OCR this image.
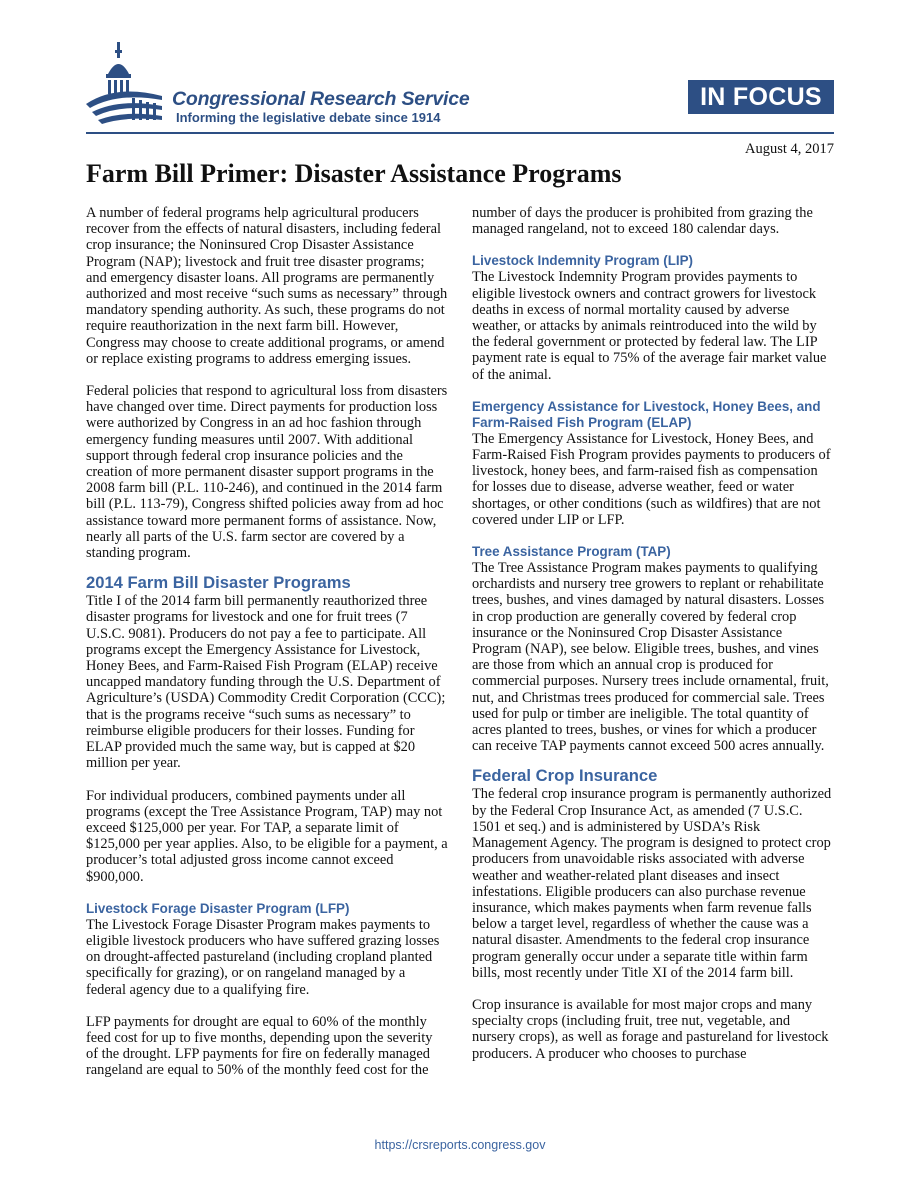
Congressional Research Service
Informing the legislative debate since 1914
IN FOCUS
August 4, 2017
Farm Bill Primer: Disaster Assistance Programs

A number of federal programs help agricultural producers recover from the effects of natural disasters, including federal crop insurance; the Noninsured Crop Disaster Assistance Program (NAP); livestock and fruit tree disaster programs; and emergency disaster loans. All programs are permanently authorized and most receive “such sums as necessary” through mandatory spending authority. As such, these programs do not require reauthorization in the next farm bill. However, Congress may choose to create additional programs, or amend or replace existing programs to address emerging issues.

Federal policies that respond to agricultural loss from disasters have changed over time. Direct payments for production loss were authorized by Congress in an ad hoc fashion through emergency funding measures until 2007. With additional support through federal crop insurance policies and the creation of more permanent disaster support programs in the 2008 farm bill (P.L. 110-246), and continued in the 2014 farm bill (P.L. 113-79), Congress shifted policies away from ad hoc assistance toward more permanent forms of assistance. Now, nearly all parts of the U.S. farm sector are covered by a standing program.

2014 Farm Bill Disaster Programs

Title I of the 2014 farm bill permanently reauthorized three disaster programs for livestock and one for fruit trees (7 U.S.C. 9081). Producers do not pay a fee to participate. All programs except the Emergency Assistance for Livestock, Honey Bees, and Farm-Raised Fish Program (ELAP) receive uncapped mandatory funding through the U.S. Department of Agriculture’s (USDA) Commodity Credit Corporation (CCC); that is the programs receive “such sums as necessary” to reimburse eligible producers for their losses. Funding for ELAP provided much the same way, but is capped at $20 million per year.

For individual producers, combined payments under all programs (except the Tree Assistance Program, TAP) may not exceed $125,000 per year. For TAP, a separate limit of $125,000 per year applies. Also, to be eligible for a payment, a producer’s total adjusted gross income cannot exceed $900,000.

Livestock Forage Disaster Program (LFP)

The Livestock Forage Disaster Program makes payments to eligible livestock producers who have suffered grazing losses on drought-affected pastureland (including cropland planted specifically for grazing), or on rangeland managed by a federal agency due to a qualifying fire.

LFP payments for drought are equal to 60% of the monthly feed cost for up to five months, depending upon the severity of the drought. LFP payments for fire on federally managed rangeland are equal to 50% of the monthly feed cost for the

number of days the producer is prohibited from grazing the managed rangeland, not to exceed 180 calendar days.

Livestock Indemnity Program (LIP)

The Livestock Indemnity Program provides payments to eligible livestock owners and contract growers for livestock deaths in excess of normal mortality caused by adverse weather, or attacks by animals reintroduced into the wild by the federal government or protected by federal law. The LIP payment rate is equal to 75% of the average fair market value of the animal.

Emergency Assistance for Livestock, Honey Bees, and Farm-Raised Fish Program (ELAP)

The Emergency Assistance for Livestock, Honey Bees, and Farm-Raised Fish Program provides payments to producers of livestock, honey bees, and farm-raised fish as compensation for losses due to disease, adverse weather, feed or water shortages, or other conditions (such as wildfires) that are not covered under LIP or LFP.

Tree Assistance Program (TAP)

The Tree Assistance Program makes payments to qualifying orchardists and nursery tree growers to replant or rehabilitate trees, bushes, and vines damaged by natural disasters. Losses in crop production are generally covered by federal crop insurance or the Noninsured Crop Disaster Assistance Program (NAP), see below. Eligible trees, bushes, and vines are those from which an annual crop is produced for commercial purposes. Nursery trees include ornamental, fruit, nut, and Christmas trees produced for commercial sale. Trees used for pulp or timber are ineligible. The total quantity of acres planted to trees, bushes, or vines for which a producer can receive TAP payments cannot exceed 500 acres annually.

Federal Crop Insurance

The federal crop insurance program is permanently authorized by the Federal Crop Insurance Act, as amended (7 U.S.C. 1501 et seq.) and is administered by USDA’s Risk Management Agency. The program is designed to protect crop producers from unavoidable risks associated with adverse weather and weather-related plant diseases and insect infestations. Eligible producers can also purchase revenue insurance, which makes payments when farm revenue falls below a target level, regardless of whether the cause was a natural disaster. Amendments to the federal crop insurance program generally occur under a separate title within farm bills, most recently under Title XI of the 2014 farm bill.

Crop insurance is available for most major crops and many specialty crops (including fruit, tree nut, vegetable, and nursery crops), as well as forage and pastureland for livestock producers. A producer who chooses to purchase

https://crsreports.congress.gov
